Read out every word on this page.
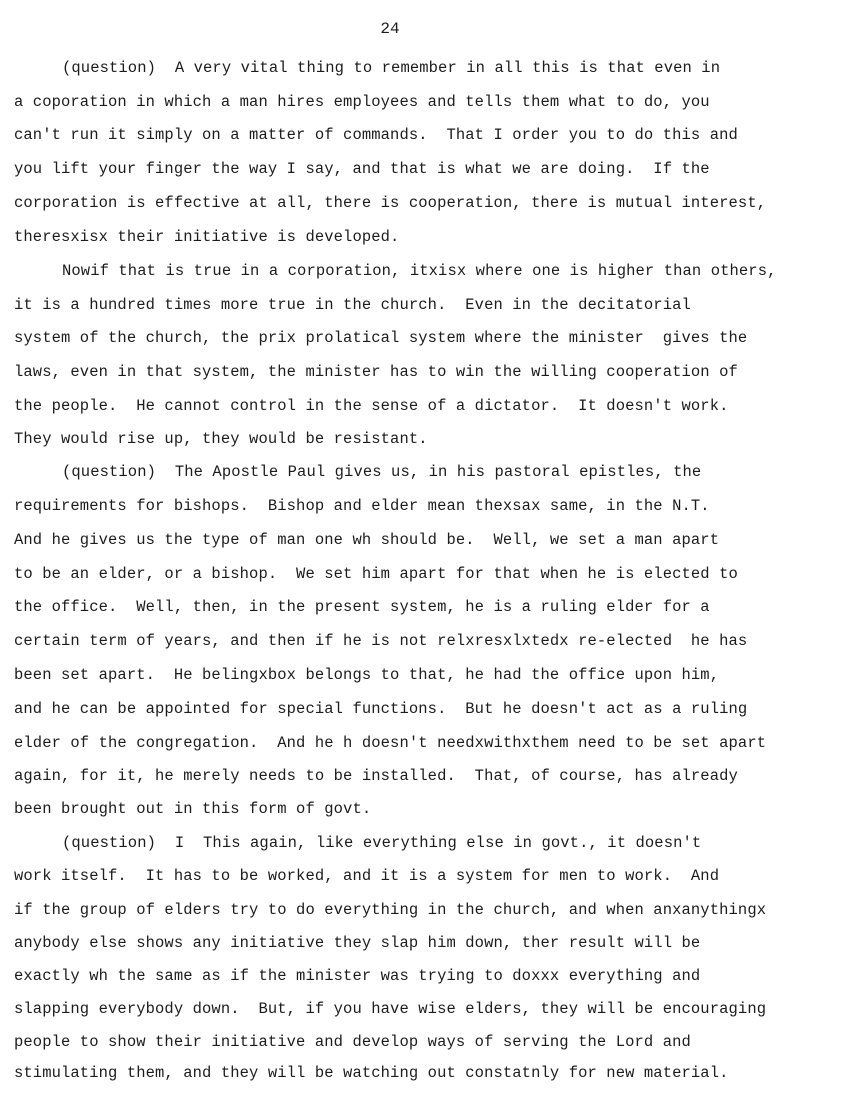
24
(question)  A very vital thing to remember in all this is that even in
a coporation in which a man hires employees and tells them what to do, you
can't run it simply on a matter of commands.  That I order you to do this and
you lift your finger the way I say, and that is what we are doing.  If the
corporation is effective at all, there is cooperation, there is mutual interest,
theresxisx their initiative is developed.
Nowif that is true in a corporation, itxisx where one is higher than others,
it is a hundred times more true in the church.  Even in the decitatorial
system of the church, the prix prolatical system where the minister  gives the
laws, even in that system, the minister has to win the willing cooperation of
the people.  He cannot control in the sense of a dictator.  It doesn't work.
They would rise up, they would be resistant.
(question)  The Apostle Paul gives us, in his pastoral epistles, the
requirements for bishops.  Bishop and elder mean thexsax same, in the N.T.
And he gives us the type of man one wh should be.  Well, we set a man apart
to be an elder, or a bishop.  We set him apart for that when he is elected to
the office.  Well, then, in the present system, he is a ruling elder for a
certain term of years, and then if he is not relxresxlxtedx re-elected  he has
been set apart.  He belingxbox belongs to that, he had the office upon him,
and he can be appointed for special functions.  But he doesn't act as a ruling
elder of the congregation.  And he h doesn't needxwithxthem need to be set apart
again, for it, he merely needs to be installed.  That, of course, has already
been brought out in this form of govt.
(question)  I  This again, like everything else in govt., it doesn't
work itself.  It has to be worked, and it is a system for men to work.  And
if the group of elders try to do everything in the church, and when anxanythingx
anybody else shows any initiative they slap him down, ther result will be
exactly wh the same as if the minister was trying to doxxx everything and
slapping everybody down.  But, if you have wise elders, they will be encouraging
people to show their initiative and develop ways of serving the Lord and
stimulating them, and they will be watching out constatnly for new material.
